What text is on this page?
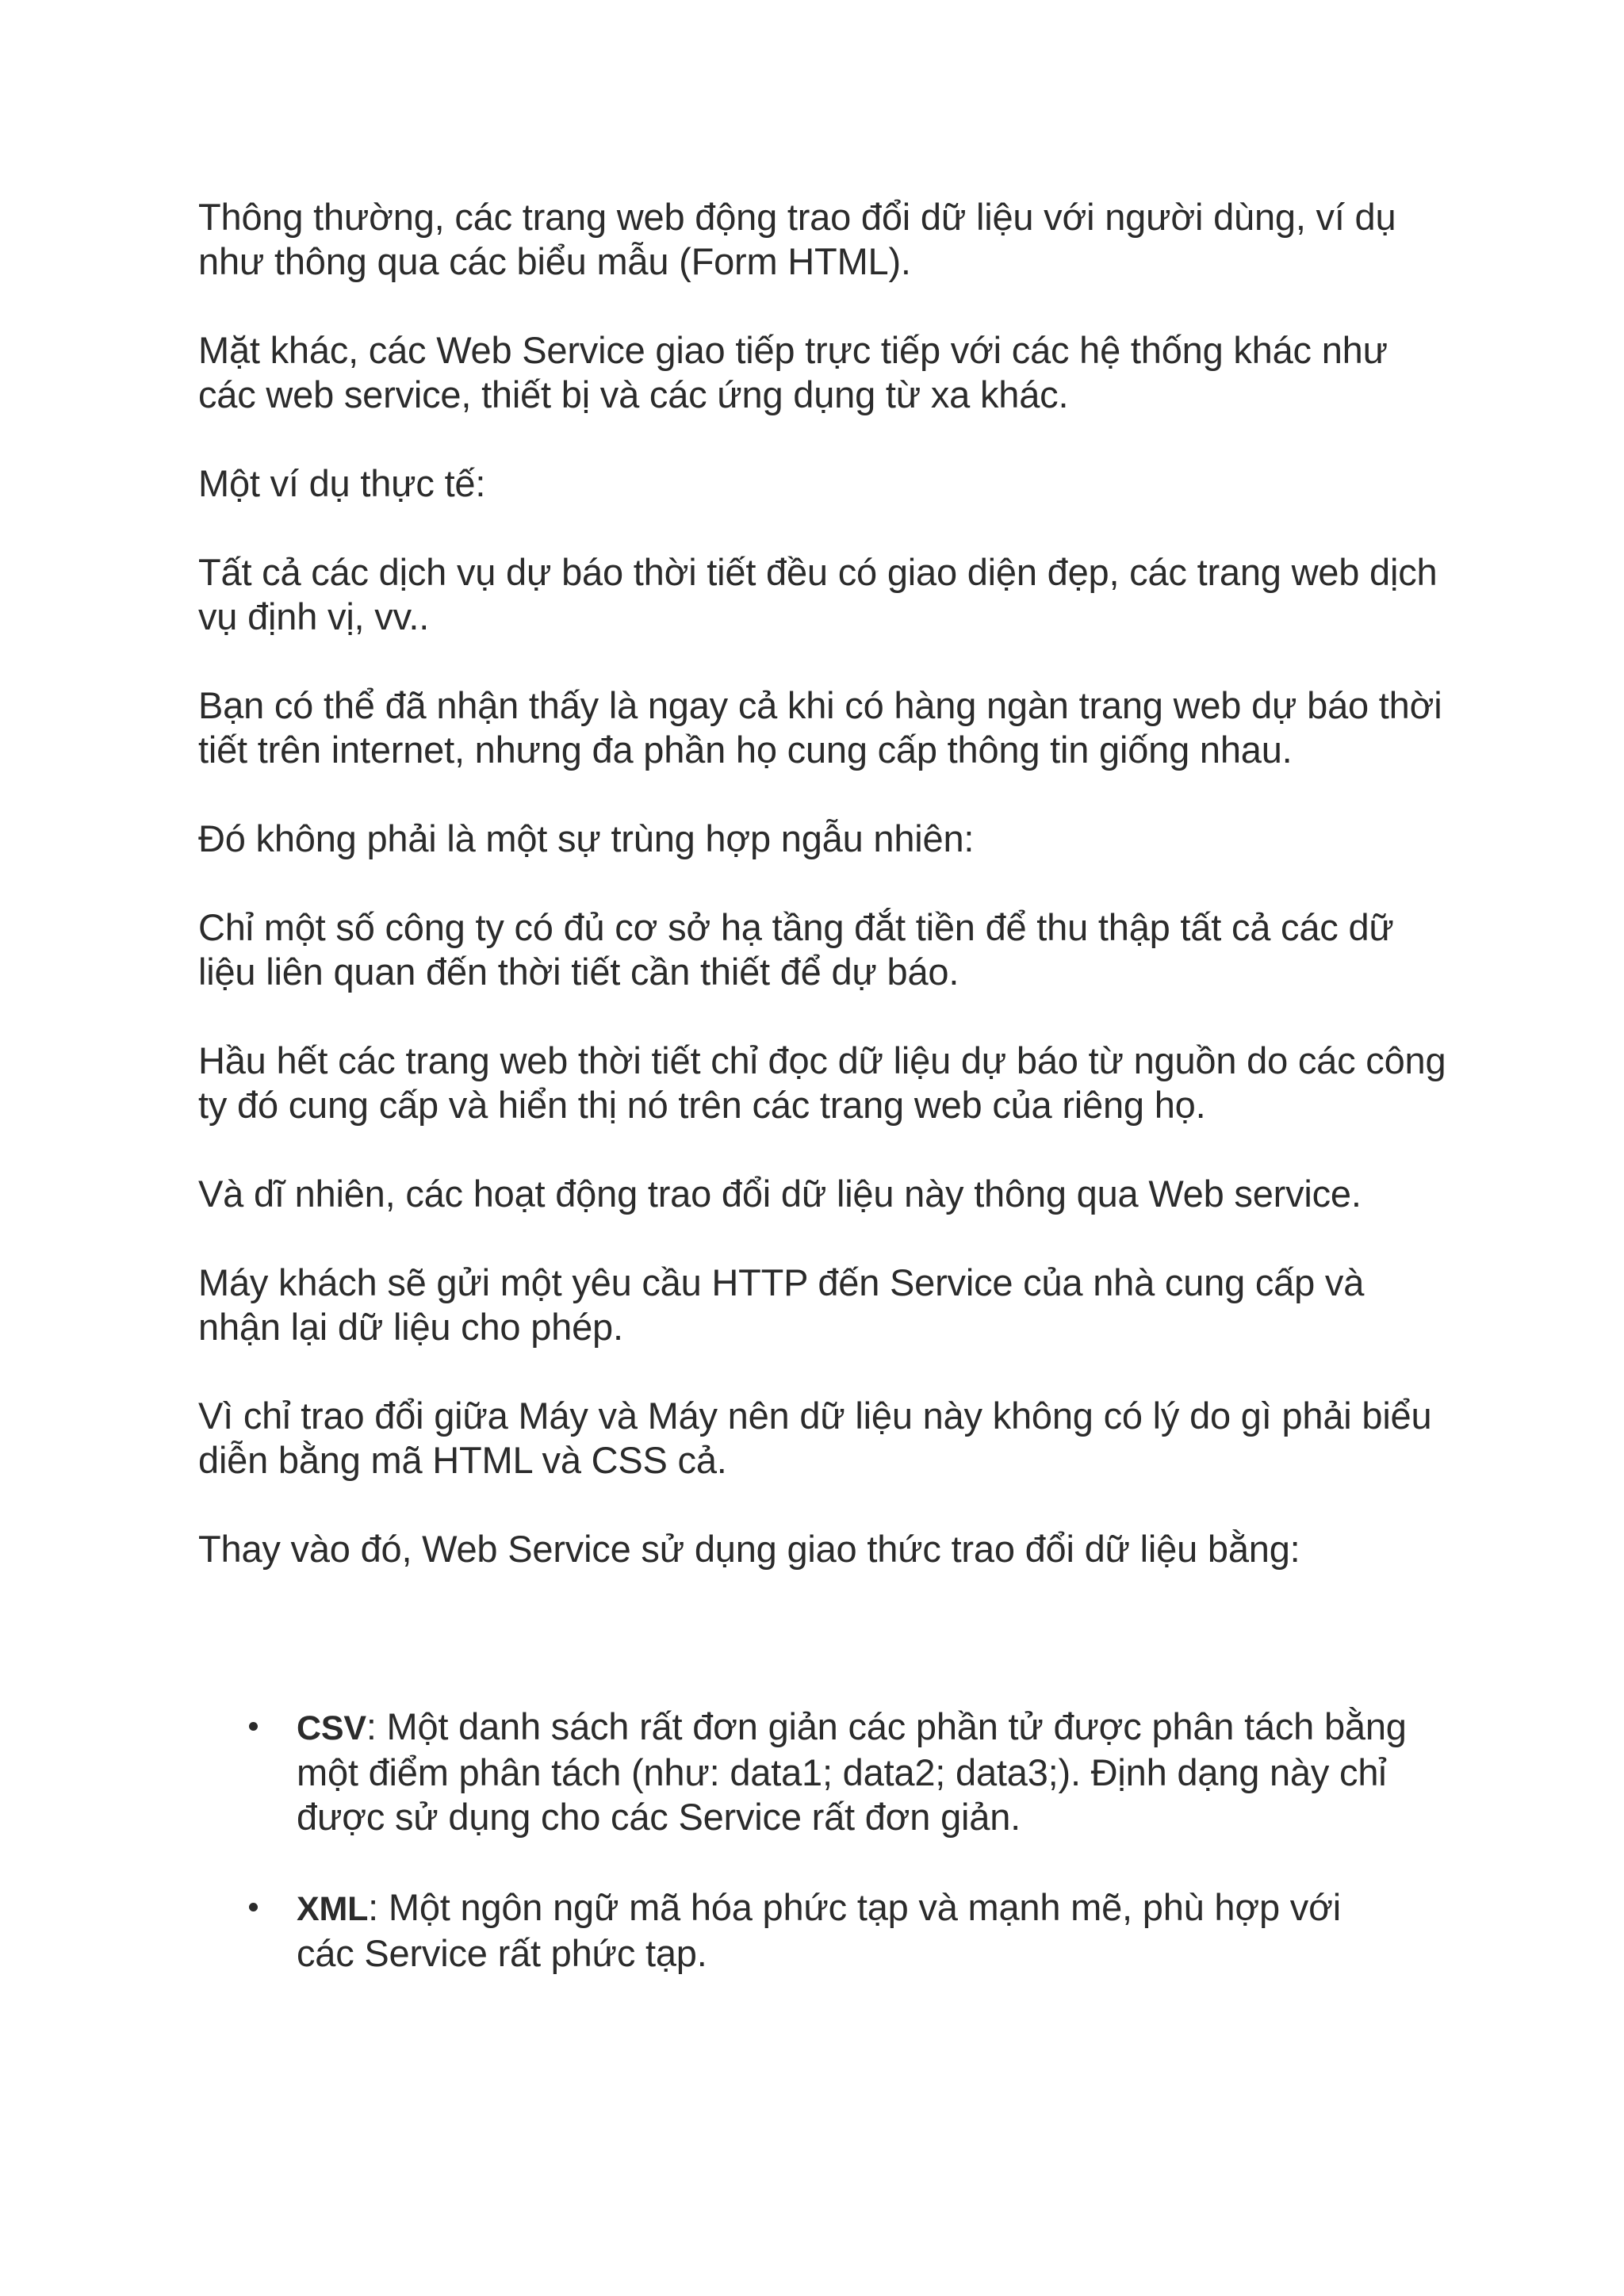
Thông thường, các trang web động trao đổi dữ liệu với người dùng, ví dụ như thông qua các biểu mẫu (Form HTML).

Mặt khác, các Web Service giao tiếp trực tiếp với các hệ thống khác như các web service, thiết bị và các ứng dụng từ xa khác.

Một ví dụ thực tế:

Tất cả các dịch vụ dự báo thời tiết đều có giao diện đẹp, các trang web dịch vụ định vị, vv..

Bạn có thể đã nhận thấy là ngay cả khi có hàng ngàn trang web dự báo thời tiết trên internet, nhưng đa phần họ cung cấp thông tin giống nhau.

Đó không phải là một sự trùng hợp ngẫu nhiên:

Chỉ một số công ty có đủ cơ sở hạ tầng đắt tiền để thu thập tất cả các dữ liệu liên quan đến thời tiết cần thiết để dự báo.

Hầu hết các trang web thời tiết chỉ đọc dữ liệu dự báo từ nguồn do các công ty đó cung cấp và hiển thị nó trên các trang web của riêng họ.

Và dĩ nhiên, các hoạt động trao đổi dữ liệu này thông qua Web service.

Máy khách sẽ gửi một yêu cầu HTTP đến Service của nhà cung cấp và nhận lại dữ liệu cho phép.

Vì chỉ trao đổi giữa Máy và Máy nên dữ liệu này không có lý do gì phải biểu diễn bằng mã HTML và CSS cả.

Thay vào đó, Web Service sử dụng giao thức trao đổi dữ liệu bằng:

CSV: Một danh sách rất đơn giản các phần tử được phân tách bằng một điểm phân tách (như: data1; data2; data3;). Định dạng này chỉ được sử dụng cho các Service rất đơn giản.
XML: Một ngôn ngữ mã hóa phức tạp và mạnh mẽ, phù hợp với các Service rất phức tạp.
